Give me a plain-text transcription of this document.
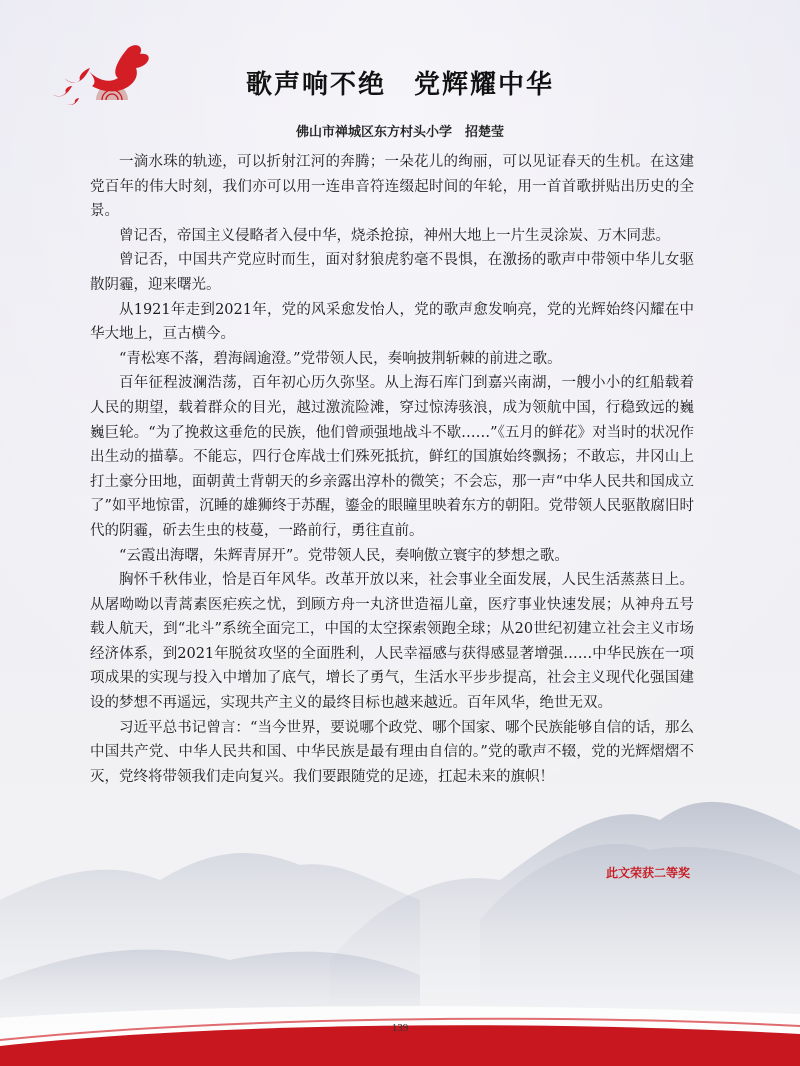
歌声响不绝　党辉耀中华
佛山市禅城区东方村头小学　招楚莹

一滴水珠的轨迹，可以折射江河的奔腾；一朵花儿的绚丽，可以见证春天的生机。在这建党百年的伟大时刻，我们亦可以用一连串音符连缀起时间的年轮，用一首首歌拼贴出历史的全景。

曾记否，帝国主义侵略者入侵中华，烧杀抢掠，神州大地上一片生灵涂炭、万木同悲。

曾记否，中国共产党应时而生，面对豺狼虎豹毫不畏惧，在激扬的歌声中带领中华儿女驱散阴霾，迎来曙光。

从1921年走到2021年，党的风采愈发怡人，党的歌声愈发响亮，党的光辉始终闪耀在中华大地上，亘古横今。

“青松寒不落，碧海阔逾澄。”党带领人民，奏响披荆斩棘的前进之歌。

百年征程波澜浩荡，百年初心历久弥坚。从上海石库门到嘉兴南湖，一艘小小的红船载着人民的期望，载着群众的目光，越过激流险滩，穿过惊涛骇浪，成为领航中国，行稳致远的巍巍巨轮。“为了挽救这垂危的民族，他们曾顽强地战斗不歇……”《五月的鲜花》对当时的状况作出生动的描摹。不能忘，四行仓库战士们殊死抵抗，鲜红的国旗始终飘扬；不敢忘，井冈山上打土豪分田地，面朝黄土背朝天的乡亲露出淳朴的微笑；不会忘，那一声“中华人民共和国成立了”如平地惊雷，沉睡的雄狮终于苏醒，鎏金的眼瞳里映着东方的朝阳。党带领人民驱散腐旧时代的阴霾，斫去生虫的枝蔓，一路前行，勇往直前。

“云霞出海曙，朱辉青屏开”。党带领人民，奏响傲立寰宇的梦想之歌。

胸怀千秋伟业，恰是百年风华。改革开放以来，社会事业全面发展，人民生活蒸蒸日上。从屠呦呦以青蒿素医疟疾之忧，到顾方舟一丸济世造福儿童，医疗事业快速发展；从神舟五号载人航天，到“北斗”系统全面完工，中国的太空探索领跑全球；从20世纪初建立社会主义市场经济体系，到2021年脱贫攻坚的全面胜利，人民幸福感与获得感显著增强……中华民族在一项项成果的实现与投入中增加了底气，增长了勇气，生活水平步步提高，社会主义现代化强国建设的梦想不再遥远，实现共产主义的最终目标也越来越近。百年风华，绝世无双。

习近平总书记曾言：“当今世界，要说哪个政党、哪个国家、哪个民族能够自信的话，那么中国共产党、中华人民共和国、中华民族是最有理由自信的。”党的歌声不辍，党的光辉熠熠不灭，党终将带领我们走向复兴。我们要跟随党的足迹，扛起未来的旗帜！

此文荣获二等奖
139
